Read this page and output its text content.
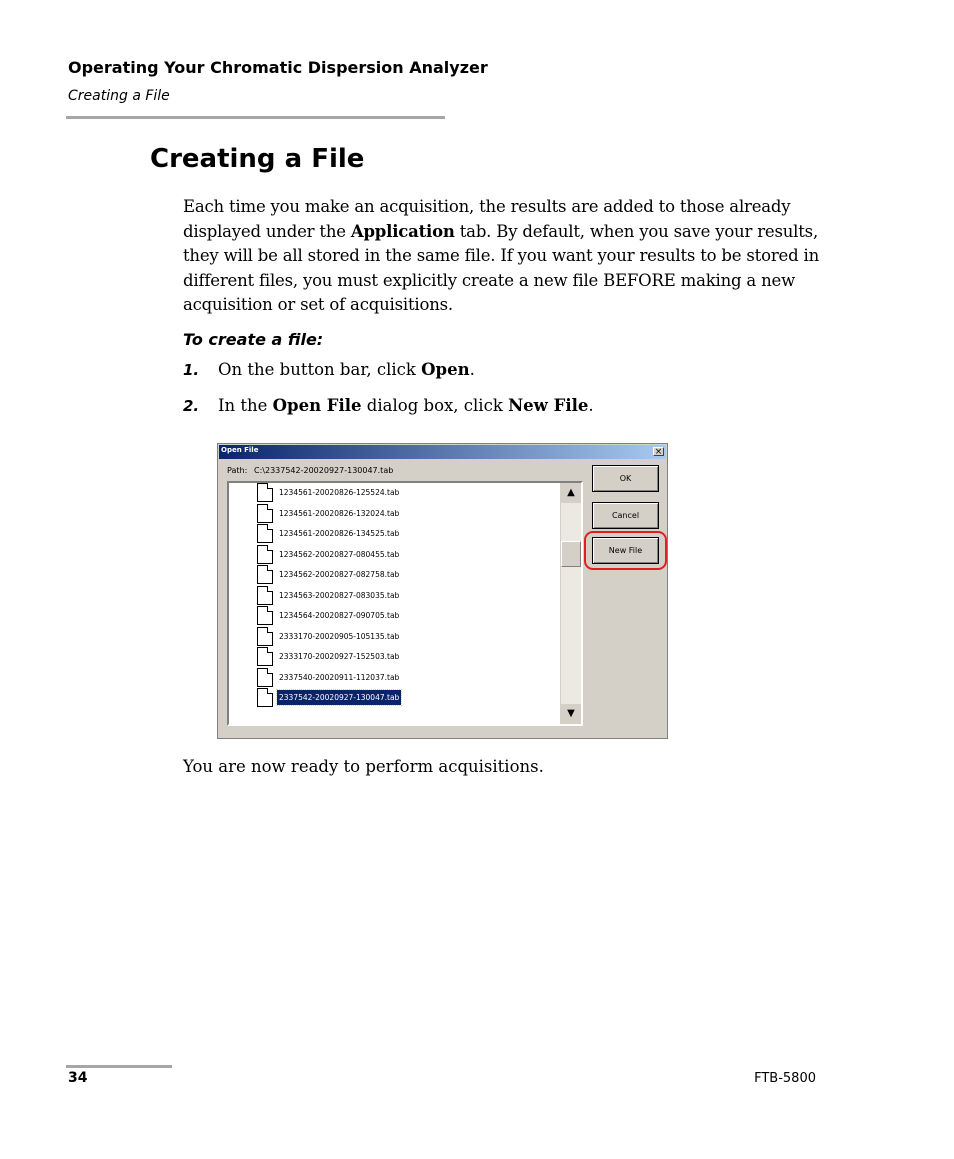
Operating Your Chromatic Dispersion Analyzer
Creating a File
Creating a File

Each time you make an acquisition, the results are added to those already displayed under the Application tab. By default, when you save your results, they will be all stored in the same file. If you want your results to be stored in different files, you must explicitly create a new file BEFORE making a new acquisition or set of acquisitions.

To create a file:
1. On the button bar, click Open.
2. In the Open File dialog box, click New File.
Open File	×
Path: C:\2337542-20020927-130047.tab
▲
▼
1234561-20020826-125524.tab
1234561-20020826-132024.tab
1234561-20020826-134525.tab
1234562-20020827-080455.tab
1234562-20020827-082758.tab
1234563-20020827-083035.tab
1234564-20020827-090705.tab
2333170-20020905-105135.tab
2333170-20020927-152503.tab
2337540-20020911-112037.tab
2337542-20020927-130047.tab
OK
Cancel
New File
You are now ready to perform acquisitions.
34	FTB-5800
